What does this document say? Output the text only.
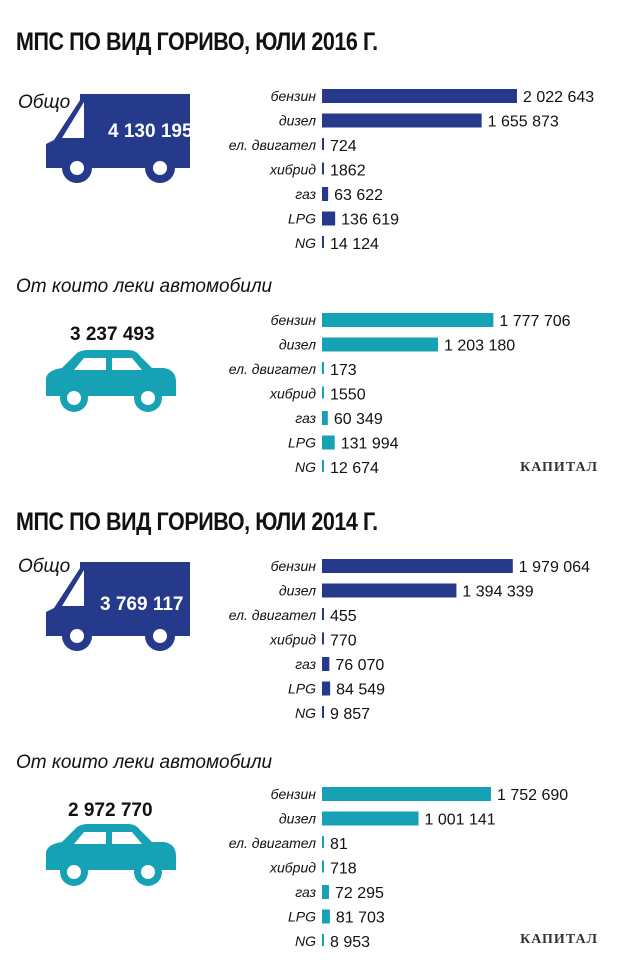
МПС ПО ВИД ГОРИВО, ЮЛИ 2016 Г.
Общо
4 130 195
бензин	2 022 643
дизел	1 655 873
ел. двигател 724
хибрид 1862
газ 63 622
LPG 136 619
NG 14 124
От които леки автомобили
3 237 493
бензин	1 777 706
дизел	1 203 180
ел. двигател 173
хибрид 1550
газ 60 349
LPG 131 994
NG 12 674	КАПИТАЛ
МПС ПО ВИД ГОРИВО, ЮЛИ 2014 Г.
Общо
3 769 117
бензин	1 979 064
дизел	1 394 339
ел. двигател 455
хибрид 770
газ 76 070
LPG 84 549
NG 9 857
От които леки автомобили
2 972 770
бензин	1 752 690
дизел	1 001 141
ел. двигател 81
хибрид 718
газ 72 295
LPG 81 703
NG 8 953	КАПИТАЛ
